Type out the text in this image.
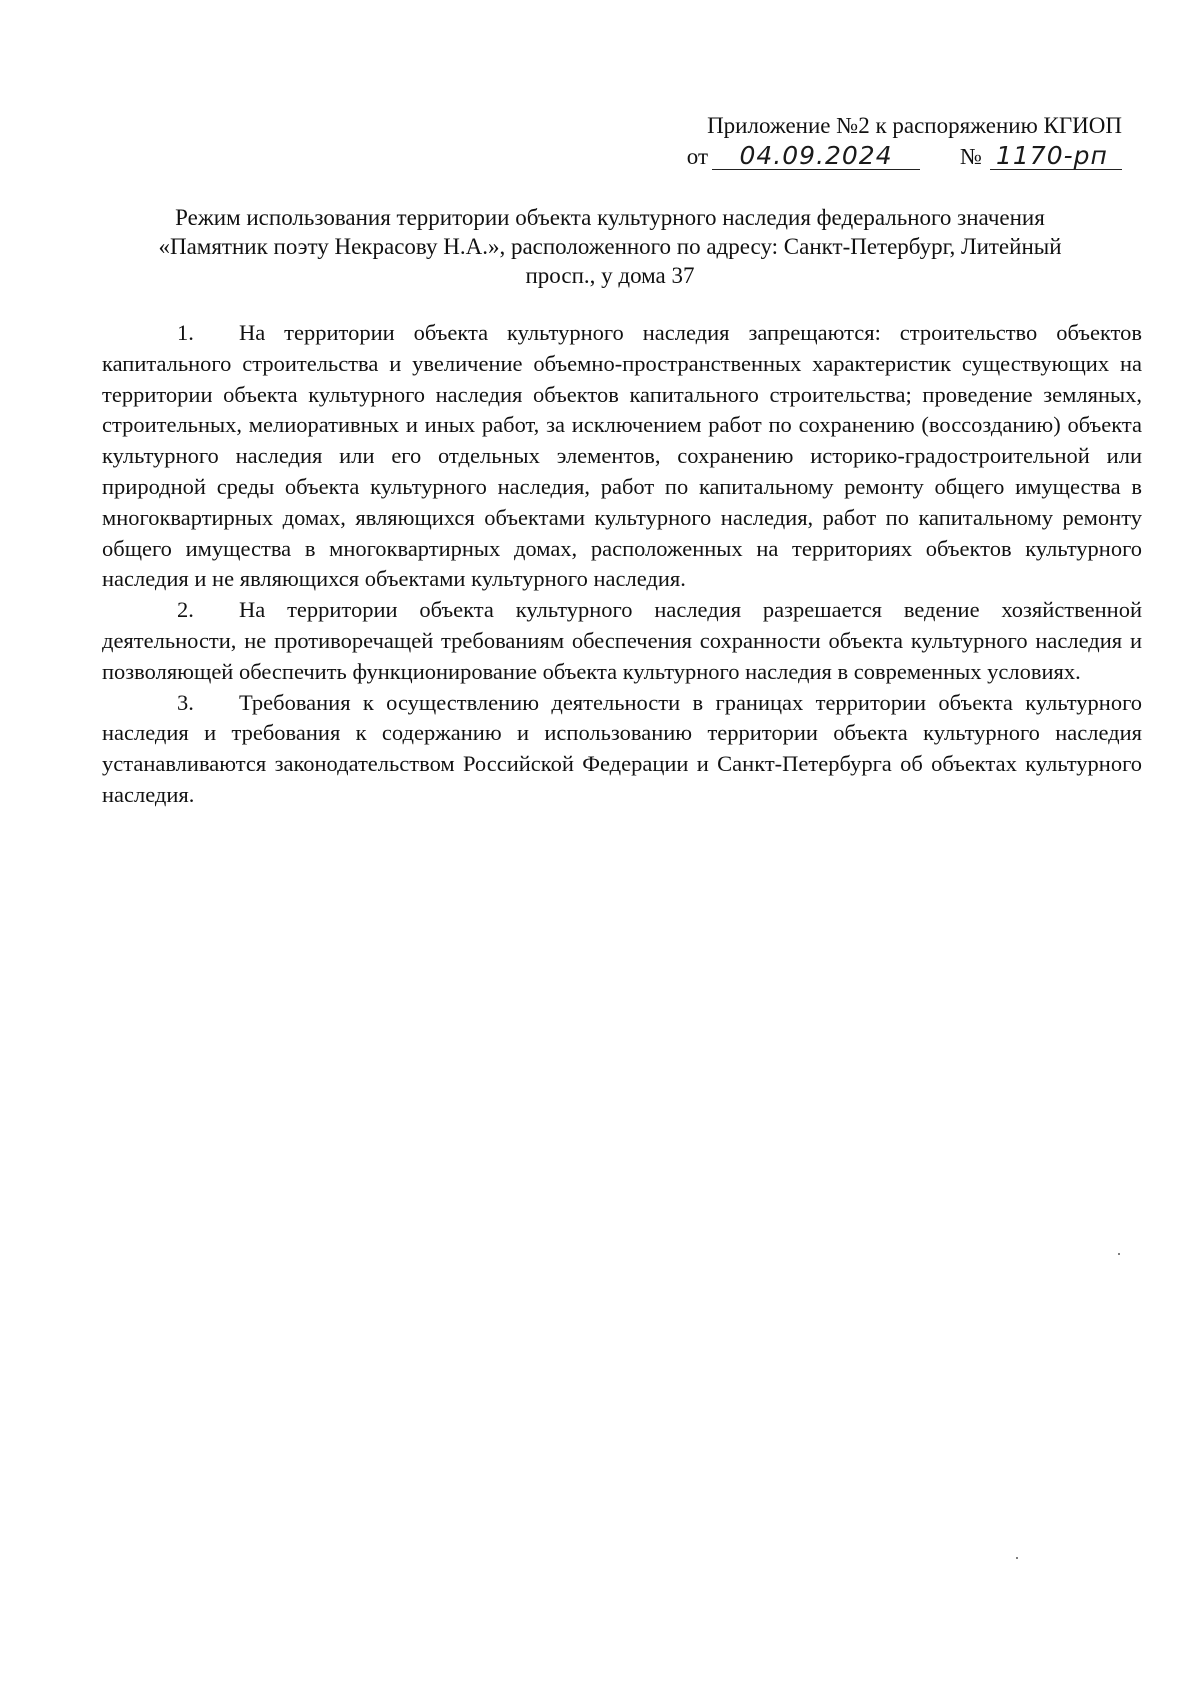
Приложение №2 к распоряжению КГИОП
от	04.09.2024	№ 1170-рп
Режим использования территории объекта культурного наследия федерального значения
«Памятник поэту Некрасову Н.А.», расположенного по адресу: Санкт-Петербург, Литейный
просп., у дома 37

1. На территории объекта культурного наследия запрещаются: строительство объектов капитального строительства и увеличение объемно-пространственных характеристик существующих на территории объекта культурного наследия объектов капитального строительства; проведение земляных, строительных, мелиоративных и иных работ, за исключением работ по сохранению (воссозданию) объекта культурного наследия или его отдельных элементов, сохранению историко-градостроительной или природной среды объекта культурного наследия, работ по капитальному ремонту общего имущества в многоквартирных домах, являющихся объектами культурного наследия, работ по капитальному ремонту общего имущества в многоквартирных домах, расположенных на территориях объектов культурного наследия и не являющихся объектами культурного наследия.

2. На территории объекта культурного наследия разрешается ведение хозяйственной деятельности, не противоречащей требованиям обеспечения сохранности объекта культурного наследия и позволяющей обеспечить функционирование объекта культурного наследия в современных условиях.

3. Требования к осуществлению деятельности в границах территории объекта культурного наследия и требования к содержанию и использованию территории объекта культурного наследия устанавливаются законодательством Российской Федерации и Санкт-Петербурга об объектах культурного наследия.
